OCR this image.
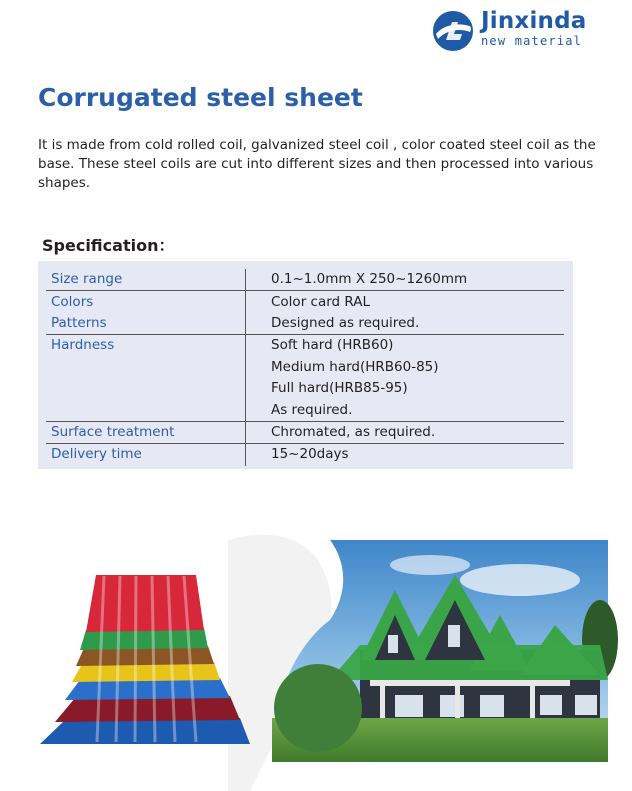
Jinxinda
new material
Corrugated steel sheet

It is made from cold rolled coil, galvanized steel coil , color coated steel coil as the base. These steel coils are cut into different sizes and then processed into various shapes.

Specification：
Size range	0.1~1.0mm X 250~1260mm
Colors	Color card RAL
Patterns	Designed as required.
Hardness	Soft hard (HRB60)
	Medium hard(HRB60-85)
	Full hard(HRB85-95)
	As required.
Surface treatment	Chromated, as required.
Delivery time	15~20days
